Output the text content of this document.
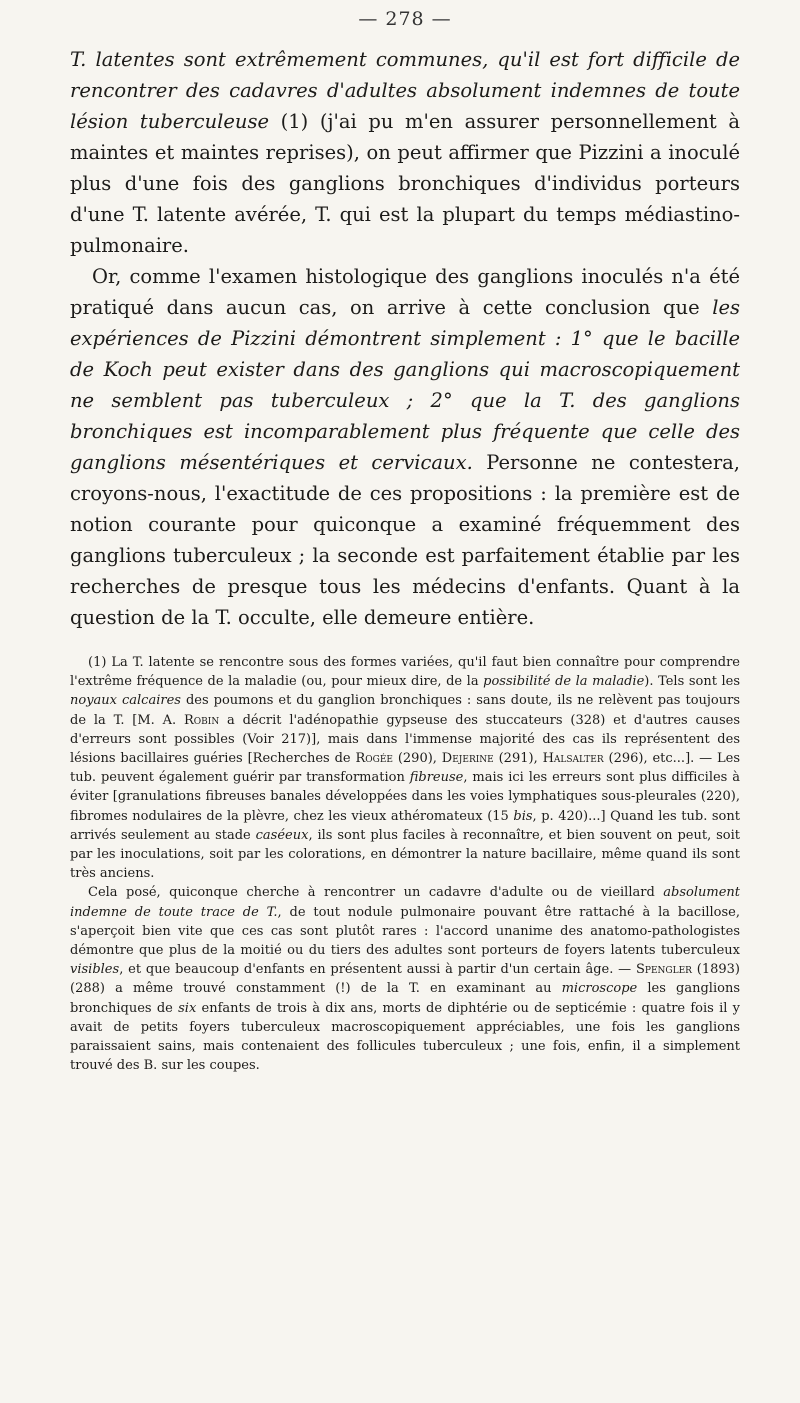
— 278 —

T. latentes sont extrêmement communes, qu'il est fort difficile de rencontrer des cadavres d'adultes absolument indemnes de toute lésion tuberculeuse (1) (j'ai pu m'en assurer personnellement à maintes et maintes reprises), on peut affirmer que Pizzini a inoculé plus d'une fois des ganglions bronchiques d'individus porteurs d'une T. latente avérée, T. qui est la plupart du temps médiastino-pulmonaire.

Or, comme l'examen histologique des ganglions inoculés n'a été pratiqué dans aucun cas, on arrive à cette conclusion que les expériences de Pizzini démontrent simplement : 1° que le bacille de Koch peut exister dans des ganglions qui macroscopiquement ne semblent pas tuberculeux ; 2° que la T. des ganglions bronchiques est incomparablement plus fréquente que celle des ganglions mésentériques et cervicaux. Personne ne contestera, croyons-nous, l'exactitude de ces propositions : la première est de notion courante pour quiconque a examiné fréquemment des ganglions tuberculeux ; la seconde est parfaitement établie par les recherches de presque tous les médecins d'enfants. Quant à la question de la T. occulte, elle demeure entière.

(1) La T. latente se rencontre sous des formes variées, qu'il faut bien connaître pour comprendre l'extrême fréquence de la maladie (ou, pour mieux dire, de la possibilité de la maladie). Tels sont les noyaux calcaires des poumons et du ganglion bronchiques : sans doute, ils ne relèvent pas toujours de la T. [M. A. Robin a décrit l'adénopathie gypseuse des stuccateurs (328) et d'autres causes d'erreurs sont possibles (Voir 217)], mais dans l'immense majorité des cas ils représentent des lésions bacillaires guéries [Recherches de Rogée (290), Dejerine (291), Halsalter (296), etc...]. — Les tub. peuvent également guérir par transformation fibreuse, mais ici les erreurs sont plus difficiles à éviter [granulations fibreuses banales développées dans les voies lymphatiques sous-pleurales (220), fibromes nodulaires de la plèvre, chez les vieux athéromateux (15 bis, p. 420)...] Quand les tub. sont arrivés seulement au stade caséeux, ils sont plus faciles à reconnaître, et bien souvent on peut, soit par les inoculations, soit par les colorations, en démontrer la nature bacillaire, même quand ils sont très anciens.

Cela posé, quiconque cherche à rencontrer un cadavre d'adulte ou de vieillard absolument indemne de toute trace de T., de tout nodule pulmonaire pouvant être rattaché à la bacillose, s'aperçoit bien vite que ces cas sont plutôt rares : l'accord unanime des anatomo-pathologistes démontre que plus de la moitié ou du tiers des adultes sont porteurs de foyers latents tuberculeux visibles, et que beaucoup d'enfants en présentent aussi à partir d'un certain âge. — Spengler (1893) (288) a même trouvé constamment (!) de la T. en examinant au microscope les ganglions bronchiques de six enfants de trois à dix ans, morts de diphtérie ou de septicémie : quatre fois il y avait de petits foyers tuberculeux macroscopiquement appréciables, une fois les ganglions paraissaient sains, mais contenaient des follicules tuberculeux ; une fois, enfin, il a simplement trouvé des B. sur les coupes.
